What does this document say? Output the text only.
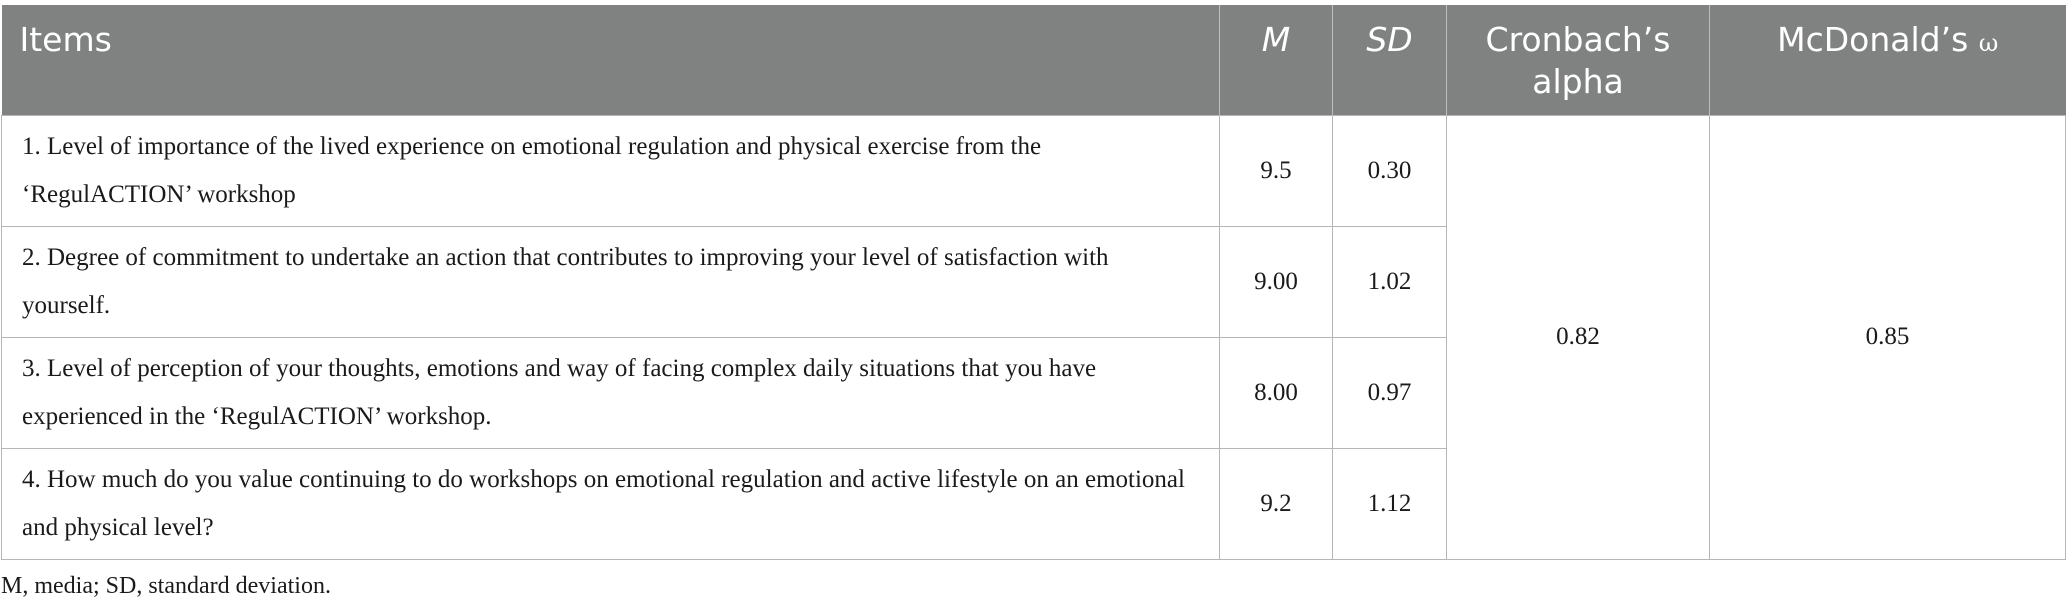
Items	M	SD	Cronbach’s alpha	McDonald’s ω
1. Level of importance of the lived experience on emotional regulation and physical exercise from the ‘RegulACTION’ workshop	9.5	0.30	0.82	0.85
2. Degree of commitment to undertake an action that contributes to improving your level of satisfaction with yourself.	9.00	1.02		
3. Level of perception of your thoughts, emotions and way of facing complex daily situations that you have experienced in the ‘RegulACTION’ workshop.	8.00	0.97		
4. How much do you value continuing to do workshops on emotional regulation and active lifestyle on an emotional and physical level?	9.2	1.12		
M, media; SD, standard deviation.
